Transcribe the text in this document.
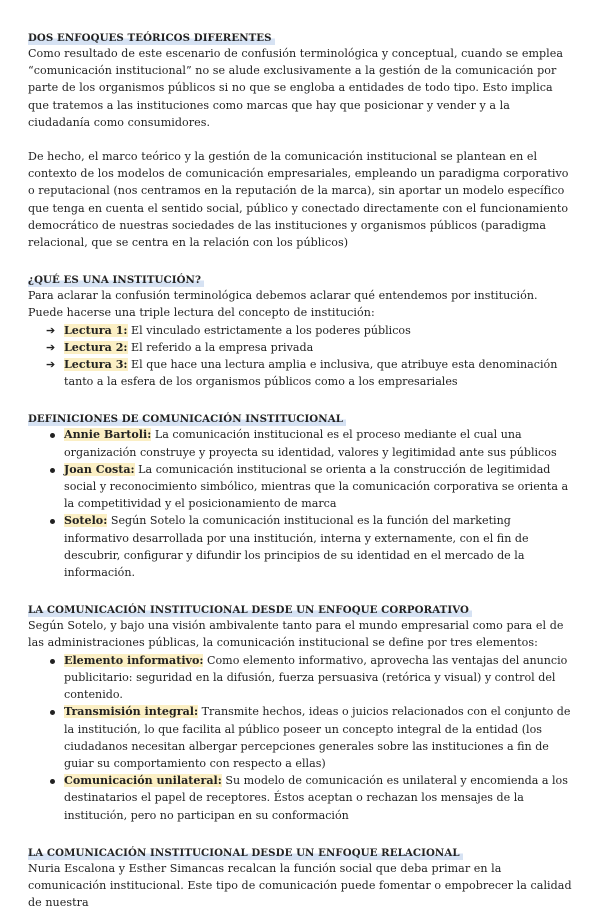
DOS ENFOQUES TEÓRICOS DIFERENTES

Como resultado de este escenario de confusión terminológica y conceptual, cuando se emplea “comunicación institucional” no se alude exclusivamente a la gestión de la comunicación por parte de los organismos públicos si no que se engloba a entidades de todo tipo. Esto implica que tratemos a las instituciones como marcas que hay que posicionar y vender y a la ciudadanía como consumidores.

De hecho, el marco teórico y la gestión de la comunicación institucional se plantean en el contexto de los modelos de comunicación empresariales, empleando un paradigma corporativo o reputacional (nos centramos en la reputación de la marca), sin aportar un modelo específico que tenga en cuenta el sentido social, público y conectado directamente con el funcionamiento democrático de nuestras sociedades de las instituciones y organismos públicos (paradigma relacional, que se centra en la relación con los públicos)

¿QUÉ ES UNA INSTITUCIÓN?

Para aclarar la confusión terminológica debemos aclarar qué entendemos por institución. Puede hacerse una triple lectura del concepto de institución:

➔ Lectura 1: El vinculado estrictamente a los poderes públicos
➔ Lectura 2: El referido a la empresa privada
➔ Lectura 3: El que hace una lectura amplia e inclusiva, que atribuye esta denominación tanto a la esfera de los organismos públicos como a los empresariales
DEFINICIONES DE COMUNICACIÓN INSTITUCIONAL
Annie Bartoli: La comunicación institucional es el proceso mediante el cual una organización construye y proyecta su identidad, valores y legitimidad ante sus públicos
Joan Costa: La comunicación institucional se orienta a la construcción de legitimidad social y reconocimiento simbólico, mientras que la comunicación corporativa se orienta a la competitividad y el posicionamiento de marca
Sotelo: Según Sotelo la comunicación institucional es la función del marketing informativo desarrollada por una institución, interna y externamente, con el fin de descubrir, configurar y difundir los principios de su identidad en el mercado de la información.
LA COMUNICACIÓN INSTITUCIONAL DESDE UN ENFOQUE CORPORATIVO

Según Sotelo, y bajo una visión ambivalente tanto para el mundo empresarial como para el de las administraciones públicas, la comunicación institucional se define por tres elementos:

Elemento informativo: Como elemento informativo, aprovecha las ventajas del anuncio publicitario: seguridad en la difusión, fuerza persuasiva (retórica y visual) y control del contenido.
Transmisión integral: Transmite hechos, ideas o juicios relacionados con el conjunto de la institución, lo que facilita al público poseer un concepto integral de la entidad (los ciudadanos necesitan albergar percepciones generales sobre las instituciones a fin de guiar su comportamiento con respecto a ellas)
Comunicación unilateral: Su modelo de comunicación es unilateral y encomienda a los destinatarios el papel de receptores. Éstos aceptan o rechazan los mensajes de la institución, pero no participan en su conformación
LA COMUNICACIÓN INSTITUCIONAL DESDE UN ENFOQUE RELACIONAL

Nuria Escalona y Esther Simancas recalcan la función social que deba primar en la comunicación institucional. Este tipo de comunicación puede fomentar o empobrecer la calidad de nuestra
